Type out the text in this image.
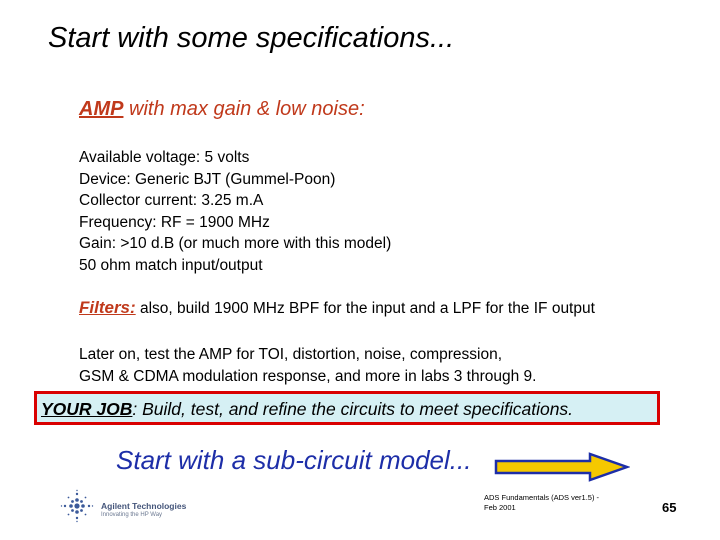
Start with some specifications...
AMP with max gain & low noise:
Available voltage: 5 volts
Device: Generic BJT (Gummel-Poon)
Collector current: 3.25 m.A
Frequency: RF = 1900 MHz
Gain: >10 d.B (or much more with this model)
50 ohm match input/output
Filters: also, build 1900 MHz BPF for the input and a LPF for the IF output
Later on, test the AMP for TOI, distortion, noise, compression,
GSM & CDMA modulation response, and more in labs 3 through 9.
YOUR JOB: Build, test, and refine the circuits to meet specifications.
Start with a sub-circuit model...
Agilent Technologies
Innovating the HP Way
ADS Fundamentals (ADS ver1.5) - Feb 2001	65
